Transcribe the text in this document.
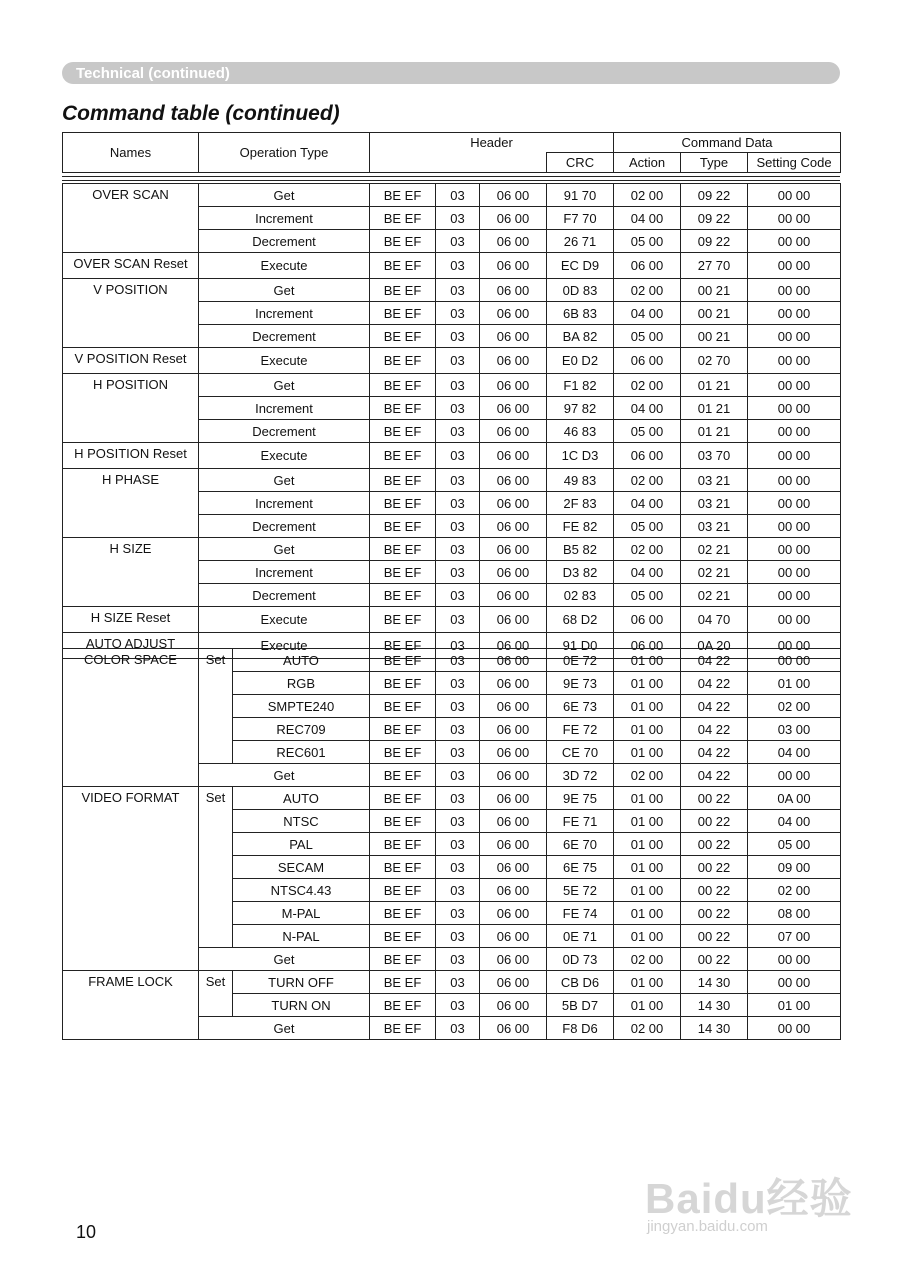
Technical (continued)
Command table (continued)
Names	Operation Type	Header		Command Data		
			CRC	Action	Type	Setting Code
OVER SCAN	Get	BE EF	03	06 00	91 70	02 00	09 22	00 00
	Increment	BE EF	03	06 00	F7 70	04 00	09 22	00 00
	Decrement	BE EF	03	06 00	26 71	05 00	09 22	00 00
OVER SCAN Reset	Execute	BE EF	03	06 00	EC D9	06 00	27 70	00 00
V POSITION	Get	BE EF	03	06 00	0D 83	02 00	00 21	00 00
	Increment	BE EF	03	06 00	6B 83	04 00	00 21	00 00
	Decrement	BE EF	03	06 00	BA 82	05 00	00 21	00 00
V POSITION Reset	Execute	BE EF	03	06 00	E0 D2	06 00	02 70	00 00
H POSITION	Get	BE EF	03	06 00	F1 82	02 00	01 21	00 00
	Increment	BE EF	03	06 00	97 82	04 00	01 21	00 00
	Decrement	BE EF	03	06 00	46 83	05 00	01 21	00 00
H POSITION Reset	Execute	BE EF	03	06 00	1C D3	06 00	03 70	00 00
H PHASE	Get	BE EF	03	06 00	49 83	02 00	03 21	00 00
	Increment	BE EF	03	06 00	2F 83	04 00	03 21	00 00
	Decrement	BE EF	03	06 00	FE 82	05 00	03 21	00 00
H SIZE	Get	BE EF	03	06 00	B5 82	02 00	02 21	00 00
	Increment	BE EF	03	06 00	D3 82	04 00	02 21	00 00
	Decrement	BE EF	03	06 00	02 83	05 00	02 21	00 00
H SIZE Reset	Execute	BE EF	03	06 00	68 D2	06 00	04 70	00 00
AUTO ADJUST	Execute	BE EF	03	06 00	91 D0	06 00	0A 20	00 00
COLOR SPACE	Set	AUTO	BE EF	03	06 00	0E 72	01 00	04 22	00 00
		RGB	BE EF	03	06 00	9E 73	01 00	04 22	01 00
		SMPTE240	BE EF	03	06 00	6E 73	01 00	04 22	02 00
		REC709	BE EF	03	06 00	FE 72	01 00	04 22	03 00
		REC601	BE EF	03	06 00	CE 70	01 00	04 22	04 00
	Get		BE EF	03	06 00	3D 72	02 00	04 22	00 00
VIDEO FORMAT	Set	AUTO	BE EF	03	06 00	9E 75	01 00	00 22	0A 00
		NTSC	BE EF	03	06 00	FE 71	01 00	00 22	04 00
		PAL	BE EF	03	06 00	6E 70	01 00	00 22	05 00
		SECAM	BE EF	03	06 00	6E 75	01 00	00 22	09 00
		NTSC4.43	BE EF	03	06 00	5E 72	01 00	00 22	02 00
		M-PAL	BE EF	03	06 00	FE 74	01 00	00 22	08 00
		N-PAL	BE EF	03	06 00	0E 71	01 00	00 22	07 00
	Get		BE EF	03	06 00	0D 73	02 00	00 22	00 00
FRAME LOCK	Set	TURN OFF	BE EF	03	06 00	CB D6	01 00	14 30	00 00
		TURN ON	BE EF	03	06 00	5B D7	01 00	14 30	01 00
	Get		BE EF	03	06 00	F8 D6	02 00	14 30	00 00
10
Baidu经验
jingyan.baidu.com
